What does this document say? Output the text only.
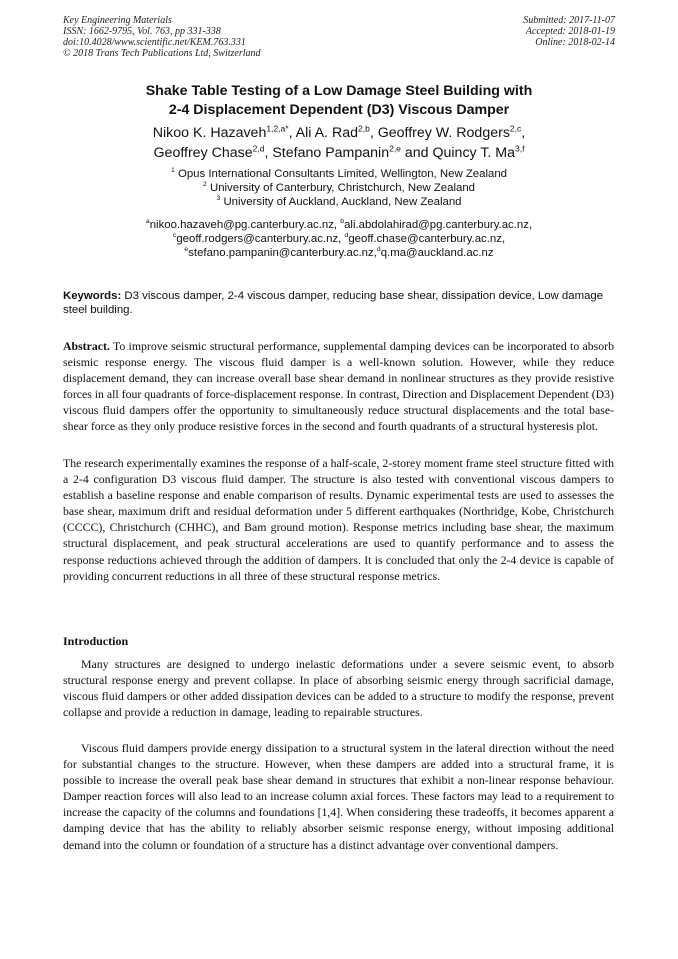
Key Engineering Materials
ISSN: 1662-9795, Vol. 763, pp 331-338
doi:10.4028/www.scientific.net/KEM.763.331
© 2018 Trans Tech Publications Ltd, Switzerland
Submitted: 2017-11-07
Accepted: 2018-01-19
Online: 2018-02-14
Shake Table Testing of a Low Damage Steel Building with
2-4 Displacement Dependent (D3) Viscous Damper
Nikoo K. Hazaveh$^{1,2,a*}$, Ali A. Rad$^{2,b}$, Geoffrey W. Rodgers$^{2,c}$,
Geoffrey Chase$^{2,d}$, Stefano Pampanin$^{2,e}$ and Quincy T. Ma$^{3,f}$
$^1$ Opus International Consultants Limited, Wellington, New Zealand
$^2$ University of Canterbury, Christchurch, New Zealand
$^3$ University of Auckland, Auckland, New Zealand
$^a$nikoo.hazaveh@pg.canterbury.ac.nz, $^b$ali.abdolahirad@pg.canterbury.ac.nz,
$^c$geoff.rodgers@canterbury.ac.nz, $^d$geoff.chase@canterbury.ac.nz,
$^e$stefano.pampanin@canterbury.ac.nz,$^d$q.ma@auckland.ac.nz
Keywords: D3 viscous damper, 2-4 viscous damper, reducing base shear, dissipation device, Low damage steel building.

Abstract. To improve seismic structural performance, supplemental damping devices can be incorporated to absorb seismic response energy. The viscous fluid damper is a well-known solution. However, while they reduce displacement demand, they can increase overall base shear demand in nonlinear structures as they provide resistive forces in all four quadrants of force-displacement response. In contrast, Direction and Displacement Dependent (D3) viscous fluid dampers offer the opportunity to simultaneously reduce structural displacements and the total base-shear force as they only produce resistive forces in the second and fourth quadrants of a structural hysteresis plot.

The research experimentally examines the response of a half-scale, 2-storey moment frame steel structure fitted with a 2-4 configuration D3 viscous fluid damper. The structure is also tested with conventional viscous dampers to establish a baseline response and enable comparison of results. Dynamic experimental tests are used to assesses the base shear, maximum drift and residual deformation under 5 different earthquakes (Northridge, Kobe, Christchurch (CCCC), Christchurch (CHHC), and Bam ground motion). Response metrics including base shear, the maximum structural displacement, and peak structural accelerations are used to quantify performance and to assess the response reductions achieved through the addition of dampers. It is concluded that only the 2-4 device is capable of providing concurrent reductions in all three of these structural response metrics.

Introduction

Many structures are designed to undergo inelastic deformations under a severe seismic event, to absorb structural response energy and prevent collapse. In place of absorbing seismic energy through sacrificial damage, viscous fluid dampers or other added dissipation devices can be added to a structure to modify the response, prevent collapse and provide a reduction in damage, leading to repairable structures.

Viscous fluid dampers provide energy dissipation to a structural system in the lateral direction without the need for substantial changes to the structure. However, when these dampers are added into a structural frame, it is possible to increase the overall peak base shear demand in structures that exhibit a non-linear response behaviour. Damper reaction forces will also lead to an increase column axial forces. These factors may lead to a requirement to increase the capacity of the columns and foundations [1,4]. When considering these tradeoffs, it becomes apparent a damping device that has the ability to reliably absorber seismic response energy, without imposing additional demand into the column or foundation of a structure has a distinct advantage over conventional dampers.
